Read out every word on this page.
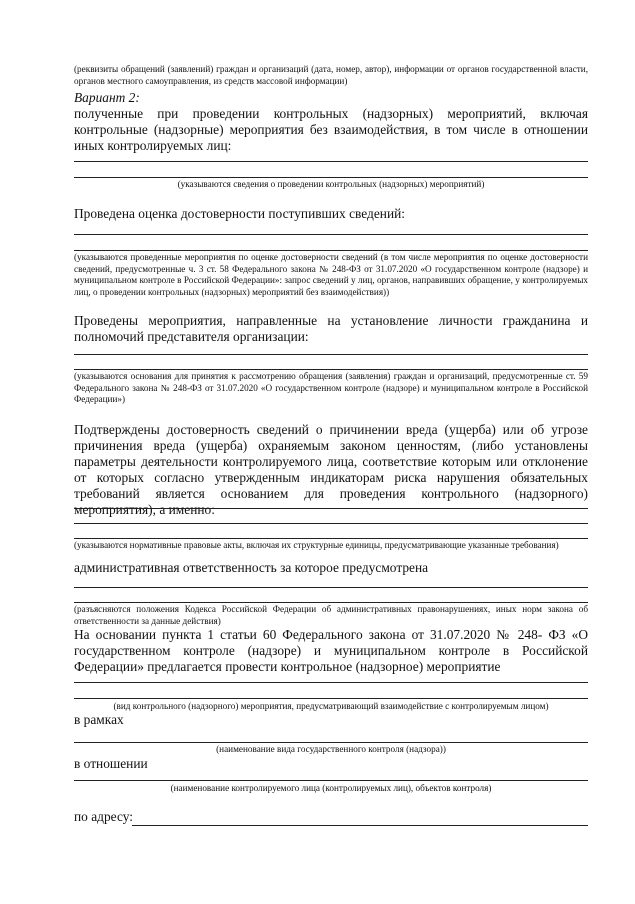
(реквизиты обращений (заявлений) граждан и организаций (дата, номер, автор), информации от органов государственной власти, органов местного самоуправления, из средств массовой информации)
Вариант 2:
полученные при проведении контрольных (надзорных) мероприятий, включая контрольные (надзорные) мероприятия без взаимодействия, в том числе в отношении иных контролируемых лиц:
(указываются сведения о проведении контрольных (надзорных) мероприятий)
Проведена оценка достоверности поступивших сведений:
(указываются проведенные мероприятия по оценке достоверности сведений (в том числе мероприятия по оценке достоверности сведений, предусмотренные ч. 3 ст. 58 Федерального закона № 248-ФЗ от 31.07.2020 «О государственном контроле (надзоре) и муниципальном контроле в Российской Федерации»: запрос сведений у лиц, органов, направивших обращение, у контролируемых лиц, о проведении контрольных (надзорных) мероприятий без взаимодействия))
Проведены мероприятия, направленные на установление личности гражданина и полномочий представителя организации:
(указываются основания для принятия к рассмотрению обращения (заявления) граждан и организаций, предусмотренные ст. 59 Федерального закона № 248-ФЗ от 31.07.2020 «О государственном контроле (надзоре) и муниципальном контроле в Российской Федерации»)
Подтверждены достоверность сведений о причинении вреда (ущерба) или об угрозе причинения вреда (ущерба) охраняемым законом ценностям, (либо установлены параметры деятельности контролируемого лица, соответствие которым или отклонение от которых согласно утвержденным индикаторам риска нарушения обязательных требований является основанием для проведения контрольного (надзорного) мероприятия), а именно:
(указываются нормативные правовые акты, включая их структурные единицы, предусматривающие указанные требования)
административная ответственность за которое предусмотрена
(разъясняются положения Кодекса Российской Федерации об административных правонарушениях, иных норм закона об ответственности за данные действия)
На основании пункта 1 статьи 60 Федерального закона от 31.07.2020 № 248- ФЗ «О государственном контроле (надзоре) и муниципальном контроле в Российской Федерации» предлагается провести контрольное (надзорное) мероприятие
(вид контрольного (надзорного) мероприятия, предусматривающий взаимодействие с контролируемым лицом)
в рамках
(наименование вида государственного контроля (надзора))
в отношении
(наименование контролируемого лица (контролируемых лиц), объектов контроля)
по адресу:
